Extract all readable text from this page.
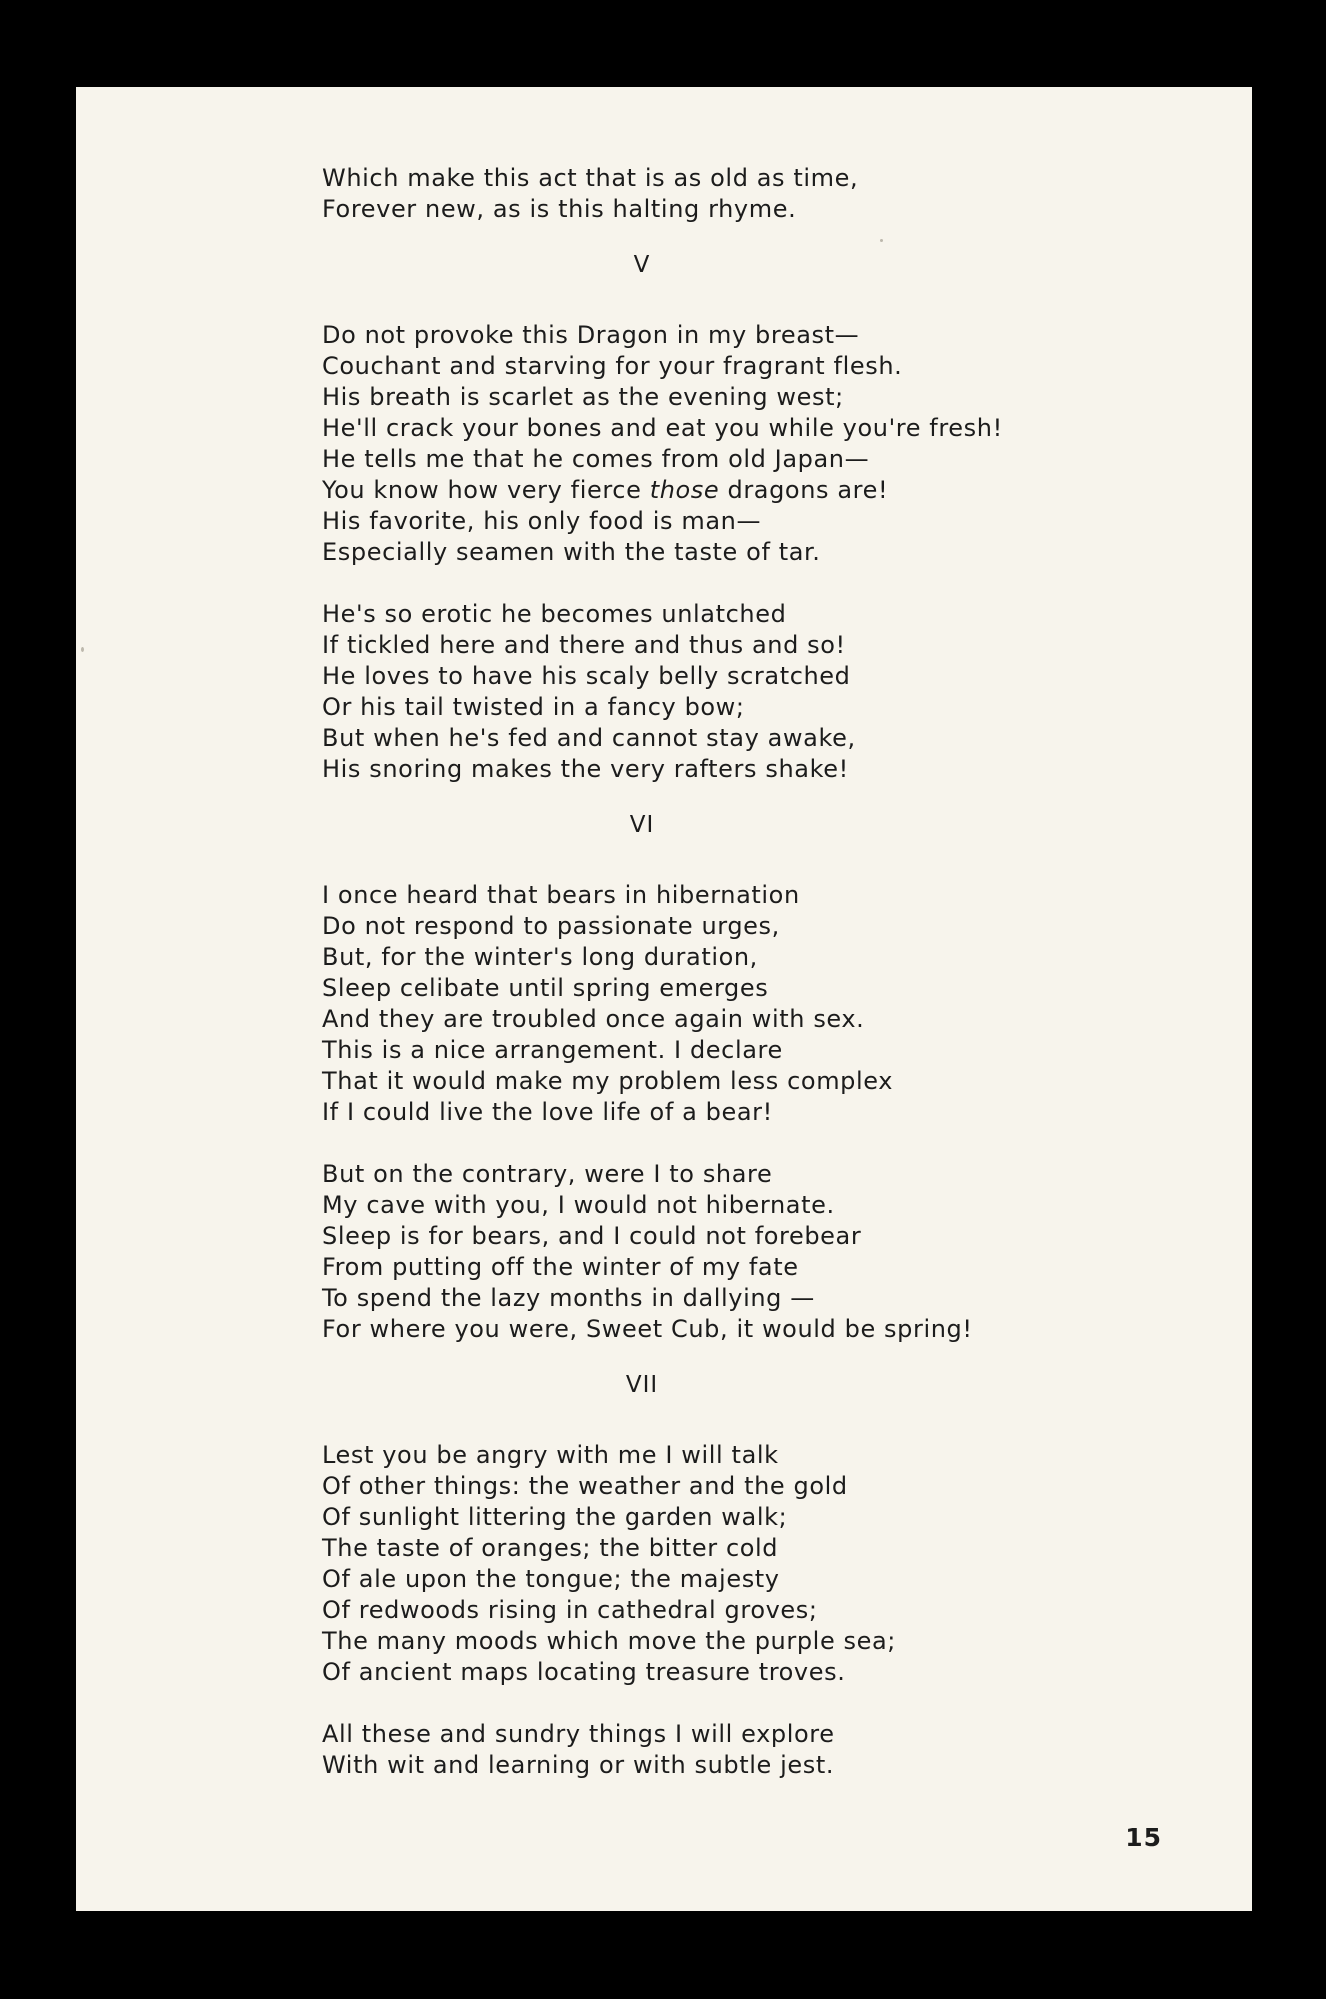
Which make this act that is as old as time,
Forever new, as is this halting rhyme.
V
Do not provoke this Dragon in my breast—
Couchant and starving for your fragrant flesh.
His breath is scarlet as the evening west;
He'll crack your bones and eat you while you're fresh!
He tells me that he comes from old Japan—
You know how very fierce those dragons are!
His favorite, his only food is man—
Especially seamen with the taste of tar.
He's so erotic he becomes unlatched
If tickled here and there and thus and so!
He loves to have his scaly belly scratched
Or his tail twisted in a fancy bow;
But when he's fed and cannot stay awake,
His snoring makes the very rafters shake!
VI
I once heard that bears in hibernation
Do not respond to passionate urges,
But, for the winter's long duration,
Sleep celibate until spring emerges
And they are troubled once again with sex.
This is a nice arrangement. I declare
That it would make my problem less complex
If I could live the love life of a bear!
But on the contrary, were I to share
My cave with you, I would not hibernate.
Sleep is for bears, and I could not forebear
From putting off the winter of my fate
To spend the lazy months in dallying —
For where you were, Sweet Cub, it would be spring!
VII
Lest you be angry with me I will talk
Of other things: the weather and the gold
Of sunlight littering the garden walk;
The taste of oranges; the bitter cold
Of ale upon the tongue; the majesty
Of redwoods rising in cathedral groves;
The many moods which move the purple sea;
Of ancient maps locating treasure troves.
All these and sundry things I will explore
With wit and learning or with subtle jest.
15
